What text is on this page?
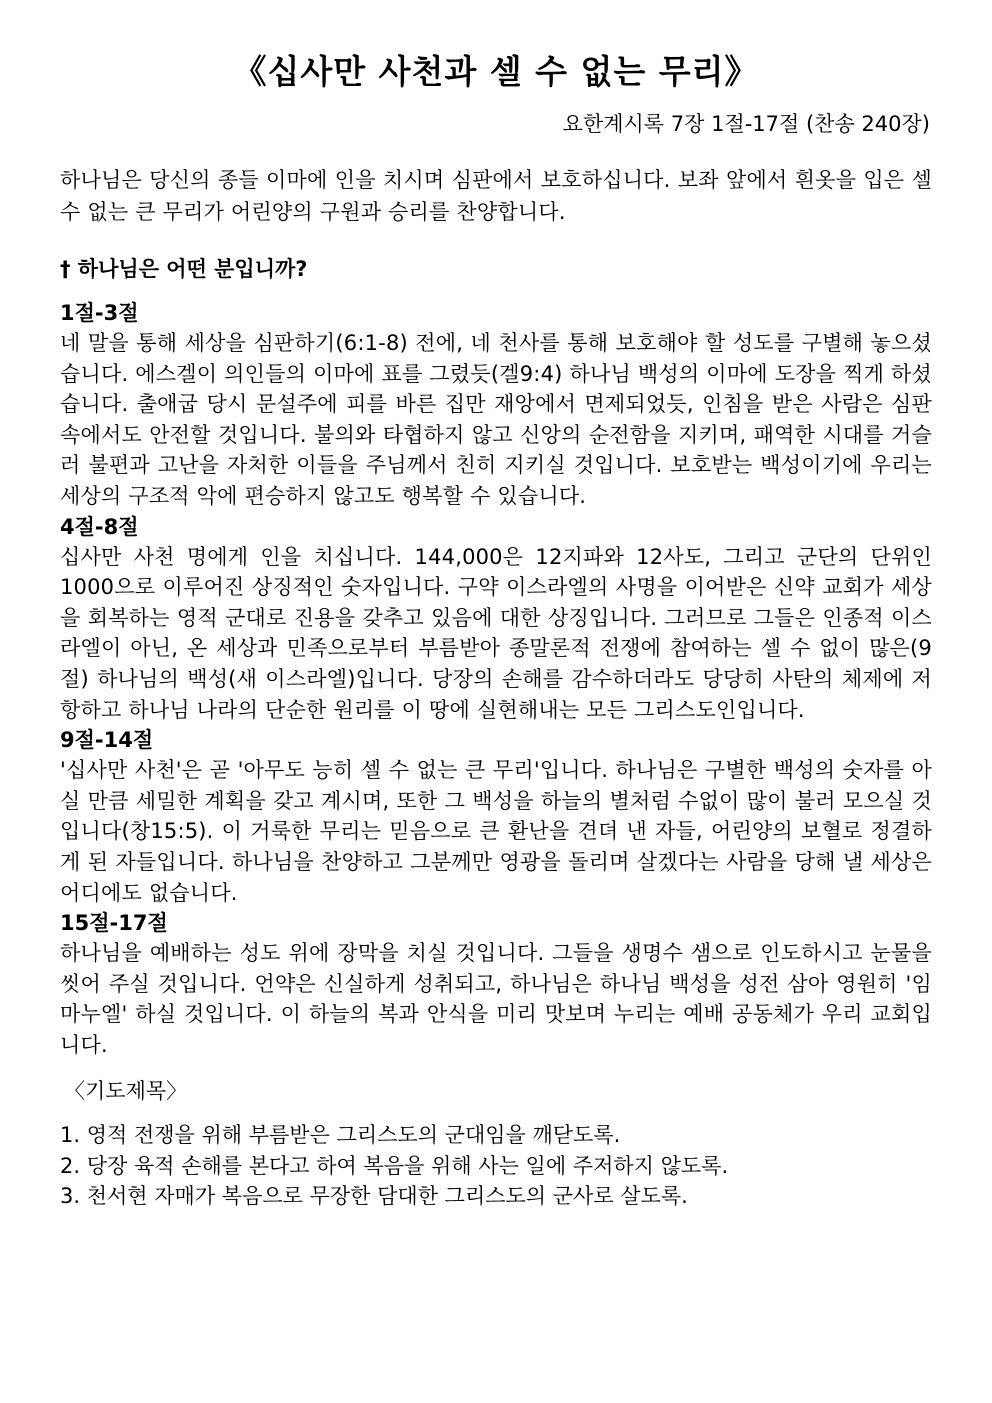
《십사만 사천과 셀 수 없는 무리》
요한계시록 7장 1절-17절 (찬송 240장)
하나님은 당신의 종들 이마에 인을 치시며 심판에서 보호하십니다. 보좌 앞에서 흰옷을 입은 셀 수 없는 큰 무리가 어린양의 구원과 승리를 찬양합니다.
† 하나님은 어떤 분입니까?
1절-3절
네 말을 통해 세상을 심판하기(6:1-8) 전에, 네 천사를 통해 보호해야 할 성도를 구별해 놓으셨습니다. 에스겔이 의인들의 이마에 표를 그렸듯(겔9:4) 하나님 백성의 이마에 도장을 찍게 하셨습니다. 출애굽 당시 문설주에 피를 바른 집만 재앙에서 면제되었듯, 인침을 받은 사람은 심판 속에서도 안전할 것입니다. 불의와 타협하지 않고 신앙의 순전함을 지키며, 패역한 시대를 거슬러 불편과 고난을 자처한 이들을 주님께서 친히 지키실 것입니다. 보호받는 백성이기에 우리는 세상의 구조적 악에 편승하지 않고도 행복할 수 있습니다.
4절-8절
십사만 사천 명에게 인을 치십니다. 144,000은 12지파와 12사도, 그리고 군단의 단위인 1000으로 이루어진 상징적인 숫자입니다. 구약 이스라엘의 사명을 이어받은 신약 교회가 세상을 회복하는 영적 군대로 진용을 갖추고 있음에 대한 상징입니다. 그러므로 그들은 인종적 이스라엘이 아닌, 온 세상과 민족으로부터 부름받아 종말론적 전쟁에 참여하는 셀 수 없이 많은(9절) 하나님의 백성(새 이스라엘)입니다. 당장의 손해를 감수하더라도 당당히 사탄의 체제에 저항하고 하나님 나라의 단순한 원리를 이 땅에 실현해내는 모든 그리스도인입니다.
9절-14절
'십사만 사천'은 곧 '아무도 능히 셀 수 없는 큰 무리'입니다. 하나님은 구별한 백성의 숫자를 아실 만큼 세밀한 계획을 갖고 계시며, 또한 그 백성을 하늘의 별처럼 수없이 많이 불러 모으실 것입니다(창15:5). 이 거룩한 무리는 믿음으로 큰 환난을 견뎌 낸 자들, 어린양의 보혈로 정결하게 된 자들입니다. 하나님을 찬양하고 그분께만 영광을 돌리며 살겠다는 사람을 당해 낼 세상은 어디에도 없습니다.
15절-17절
하나님을 예배하는 성도 위에 장막을 치실 것입니다. 그들을 생명수 샘으로 인도하시고 눈물을 씻어 주실 것입니다. 언약은 신실하게 성취되고, 하나님은 하나님 백성을 성전 삼아 영원히 '임마누엘' 하실 것입니다. 이 하늘의 복과 안식을 미리 맛보며 누리는 예배 공동체가 우리 교회입니다.
〈기도제목〉
1. 영적 전쟁을 위해 부름받은 그리스도의 군대임을 깨닫도록.
2. 당장 육적 손해를 본다고 하여 복음을 위해 사는 일에 주저하지 않도록.
3. 천서현 자매가 복음으로 무장한 담대한 그리스도의 군사로 살도록.
